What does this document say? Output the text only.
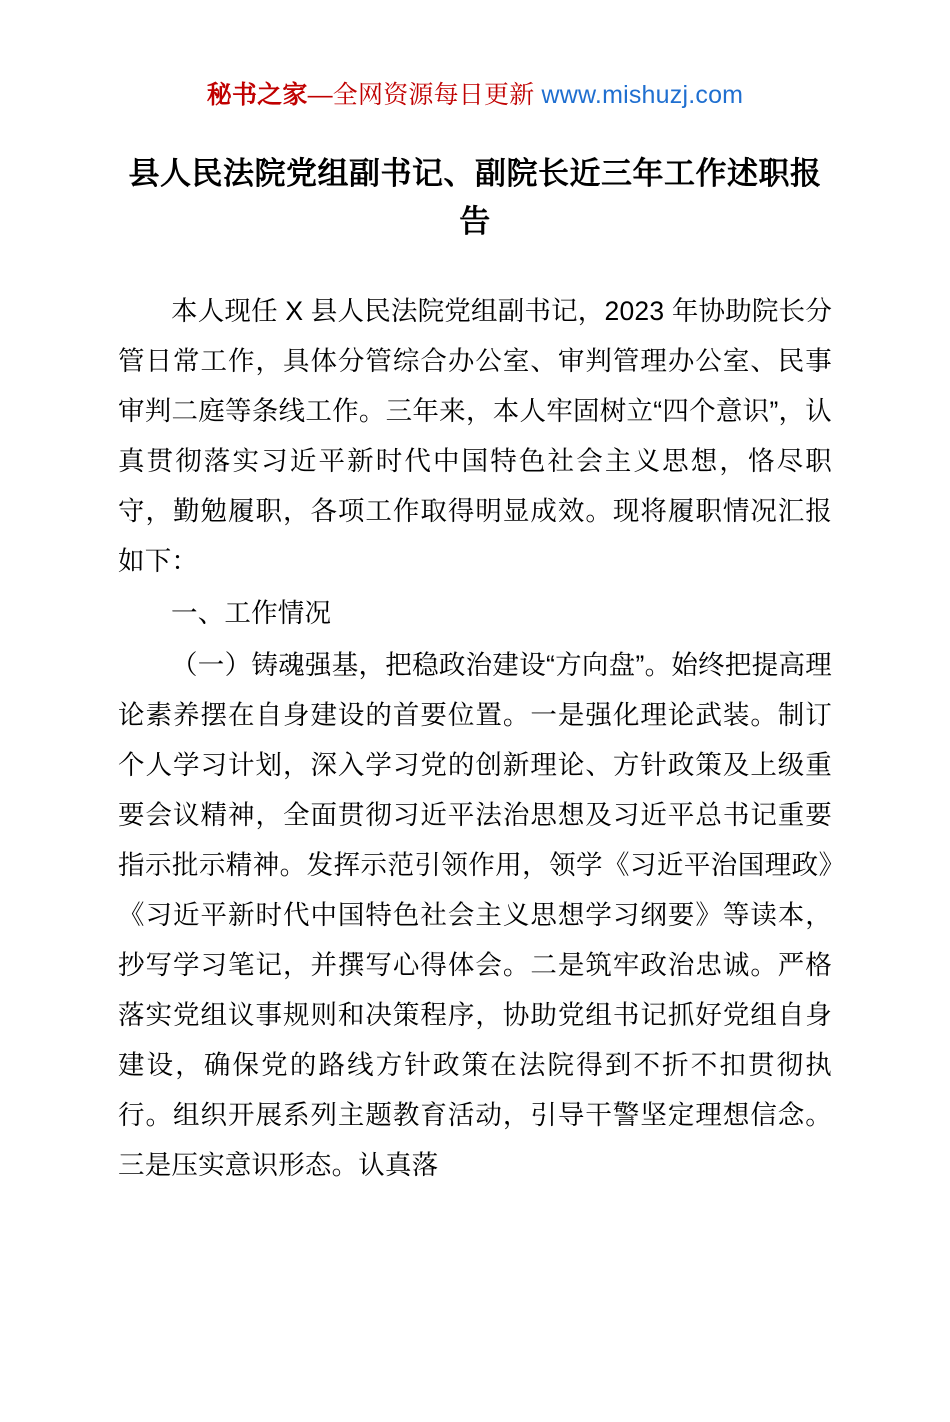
秘书之家—全网资源每日更新 www.mishuzj.com
县人民法院党组副书记、副院长近三年工作述职报告

本人现任 X 县人民法院党组副书记，2023 年协助院长分管日常工作，具体分管综合办公室、审判管理办公室、民事审判二庭等条线工作。三年来，本人牢固树立“四个意识”，认真贯彻落实习近平新时代中国特色社会主义思想，恪尽职守，勤勉履职，各项工作取得明显成效。现将履职情况汇报如下：

一、工作情况

（一）铸魂强基，把稳政治建设“方向盘”。始终把提高理论素养摆在自身建设的首要位置。一是强化理论武装。制订个人学习计划，深入学习党的创新理论、方针政策及上级重要会议精神，全面贯彻习近平法治思想及习近平总书记重要指示批示精神。发挥示范引领作用，领学《习近平治国理政》《习近平新时代中国特色社会主义思想学习纲要》等读本，抄写学习笔记，并撰写心得体会。二是筑牢政治忠诚。严格落实党组议事规则和决策程序，协助党组书记抓好党组自身建设，确保党的路线方针政策在法院得到不折不扣贯彻执行。组织开展系列主题教育活动，引导干警坚定理想信念。三是压实意识形态。认真落
